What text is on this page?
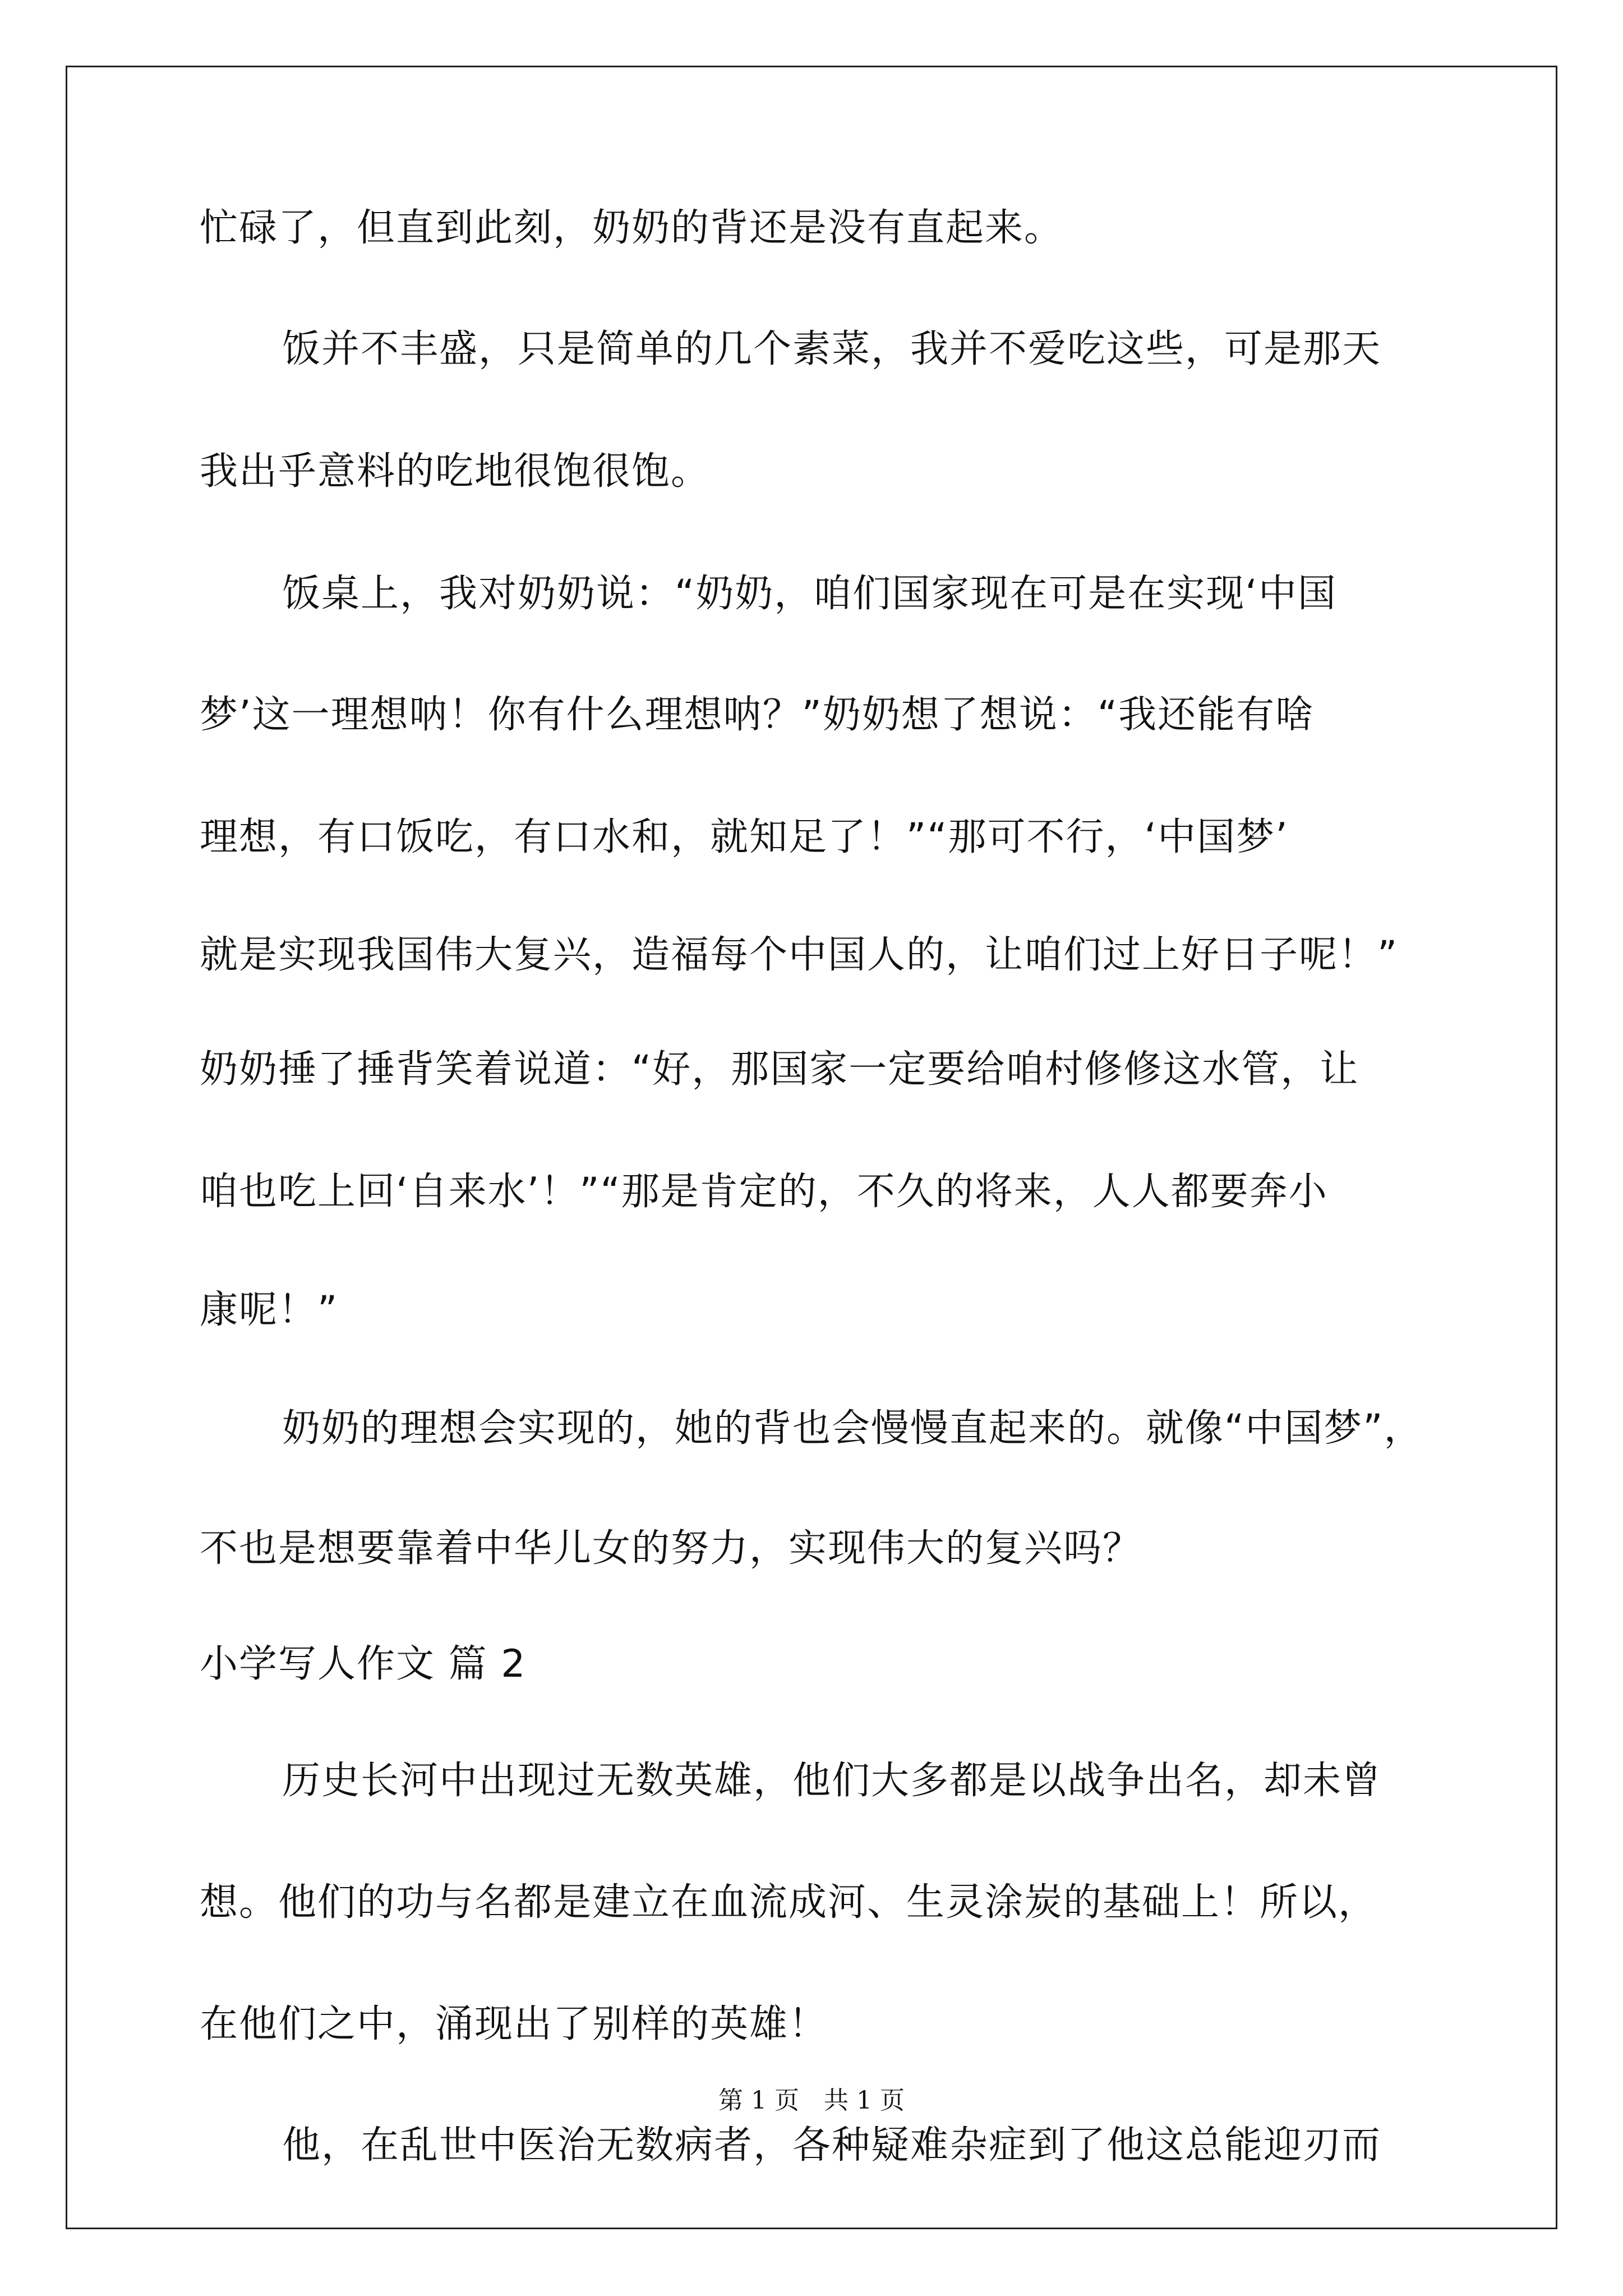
忙碌了，但直到此刻，奶奶的背还是没有直起来。
饭并不丰盛，只是简单的几个素菜，我并不爱吃这些，可是那天
我出乎意料的吃地很饱很饱。
饭桌上，我对奶奶说：“奶奶，咱们国家现在可是在实现‘中国
梦’这一理想呐！你有什么理想呐？”奶奶想了想说：“我还能有啥
理想，有口饭吃，有口水和，就知足了！”“那可不行，‘中国梦’
就是实现我国伟大复兴，造福每个中国人的，让咱们过上好日子呢！”
奶奶捶了捶背笑着说道：“好，那国家一定要给咱村修修这水管，让
咱也吃上回‘自来水’！”“那是肯定的，不久的将来，人人都要奔小
康呢！”
奶奶的理想会实现的，她的背也会慢慢直起来的。就像“中国梦”，
不也是想要靠着中华儿女的努力，实现伟大的复兴吗？
小学写人作文 篇 2
历史长河中出现过无数英雄，他们大多都是以战争出名，却未曾
想。他们的功与名都是建立在血流成河、生灵涂炭的基础上！所以，
在他们之中，涌现出了别样的英雄！
他，在乱世中医治无数病者，各种疑难杂症到了他这总能迎刃而
第 1 页　共 1 页
